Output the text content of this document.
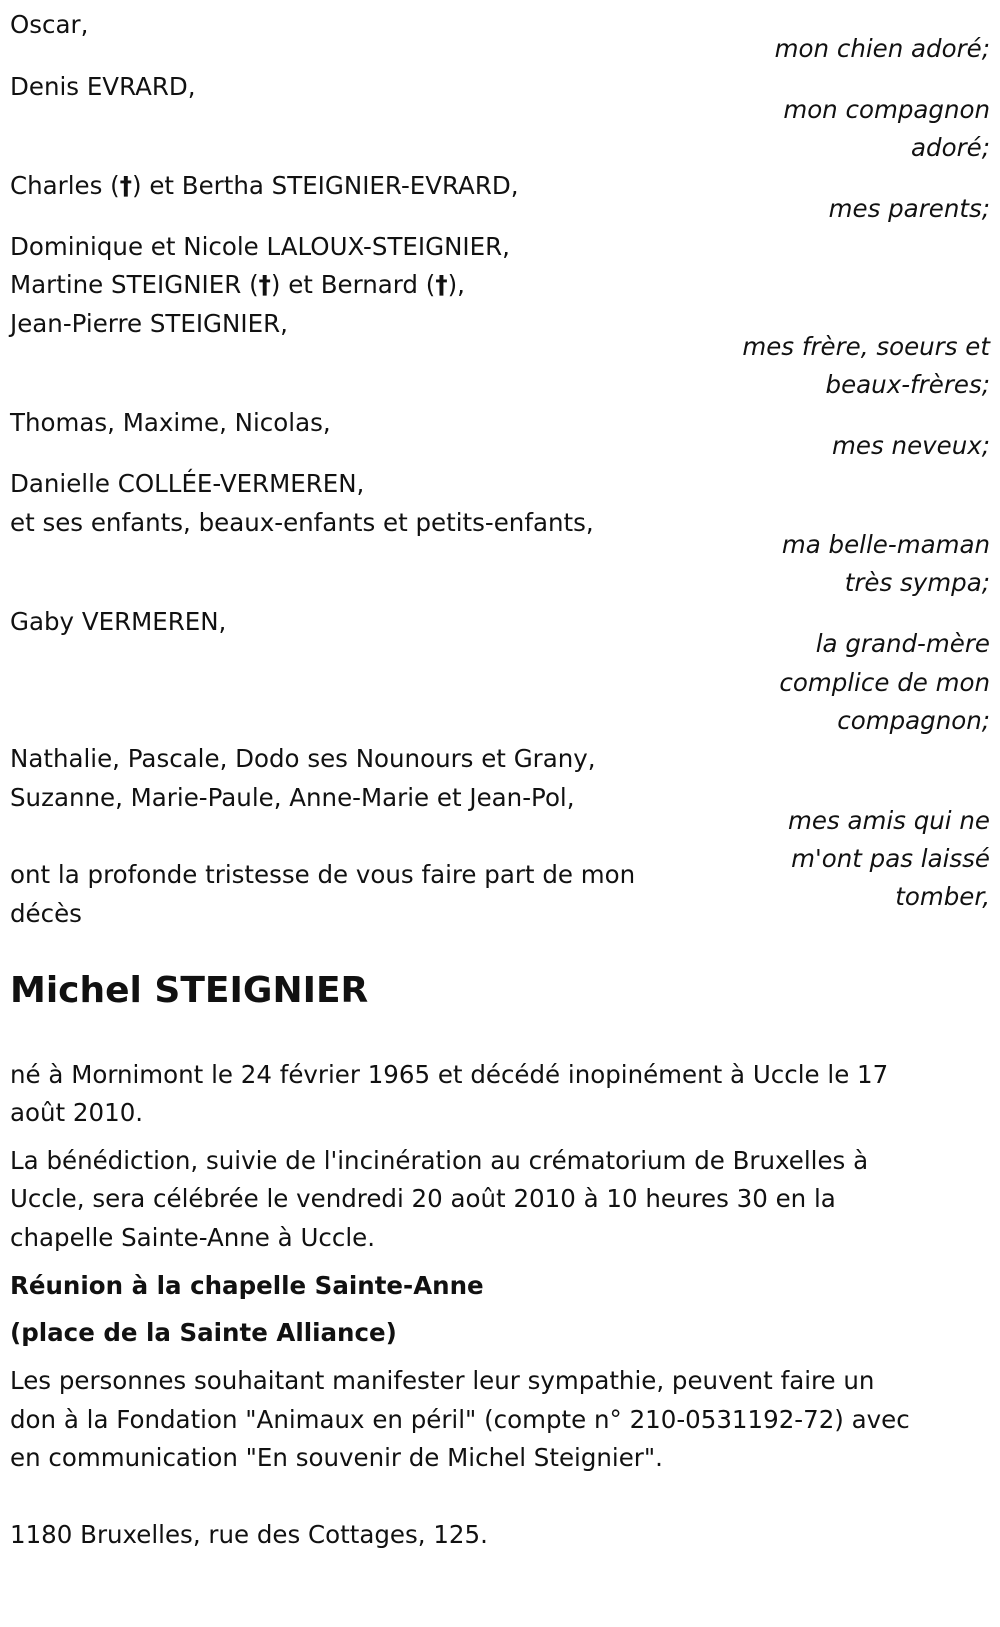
Oscar,
Denis EVRARD,
Charles (†) et Bertha STEIGNIER-EVRARD,
Dominique et Nicole LALOUX-STEIGNIER,
Martine STEIGNIER (†) et Bernard (†),
Jean-Pierre STEIGNIER,
Thomas, Maxime, Nicolas,
Danielle COLLÉE-VERMEREN,
et ses enfants, beaux-enfants et petits-enfants,
Gaby VERMEREN,
Nathalie, Pascale, Dodo ses Nounours et Grany,
Suzanne, Marie-Paule, Anne-Marie et Jean-Pol,
ont la profonde tristesse de vous faire part de mon
décès
mon chien adoré;
mon compagnon
adoré;
mes parents;
mes frère, soeurs et
beaux-frères;
mes neveux;
ma belle-maman
très sympa;
la grand-mère
complice de mon
compagnon;
mes amis qui ne
m'ont pas laissé
tomber,
Michel STEIGNIER
né à Mornimont le 24 février 1965 et décédé inopinément à Uccle le 17
août 2010.
La bénédiction, suivie de l'incinération au crématorium de Bruxelles à
Uccle, sera célébrée le vendredi 20 août 2010 à 10 heures 30 en la
chapelle Sainte-Anne à Uccle.
Réunion à la chapelle Sainte-Anne
(place de la Sainte Alliance)
Les personnes souhaitant manifester leur sympathie, peuvent faire un
don à la Fondation "Animaux en péril" (compte n° 210-0531192-72) avec
en communication "En souvenir de Michel Steignier".
1180 Bruxelles, rue des Cottages, 125.
